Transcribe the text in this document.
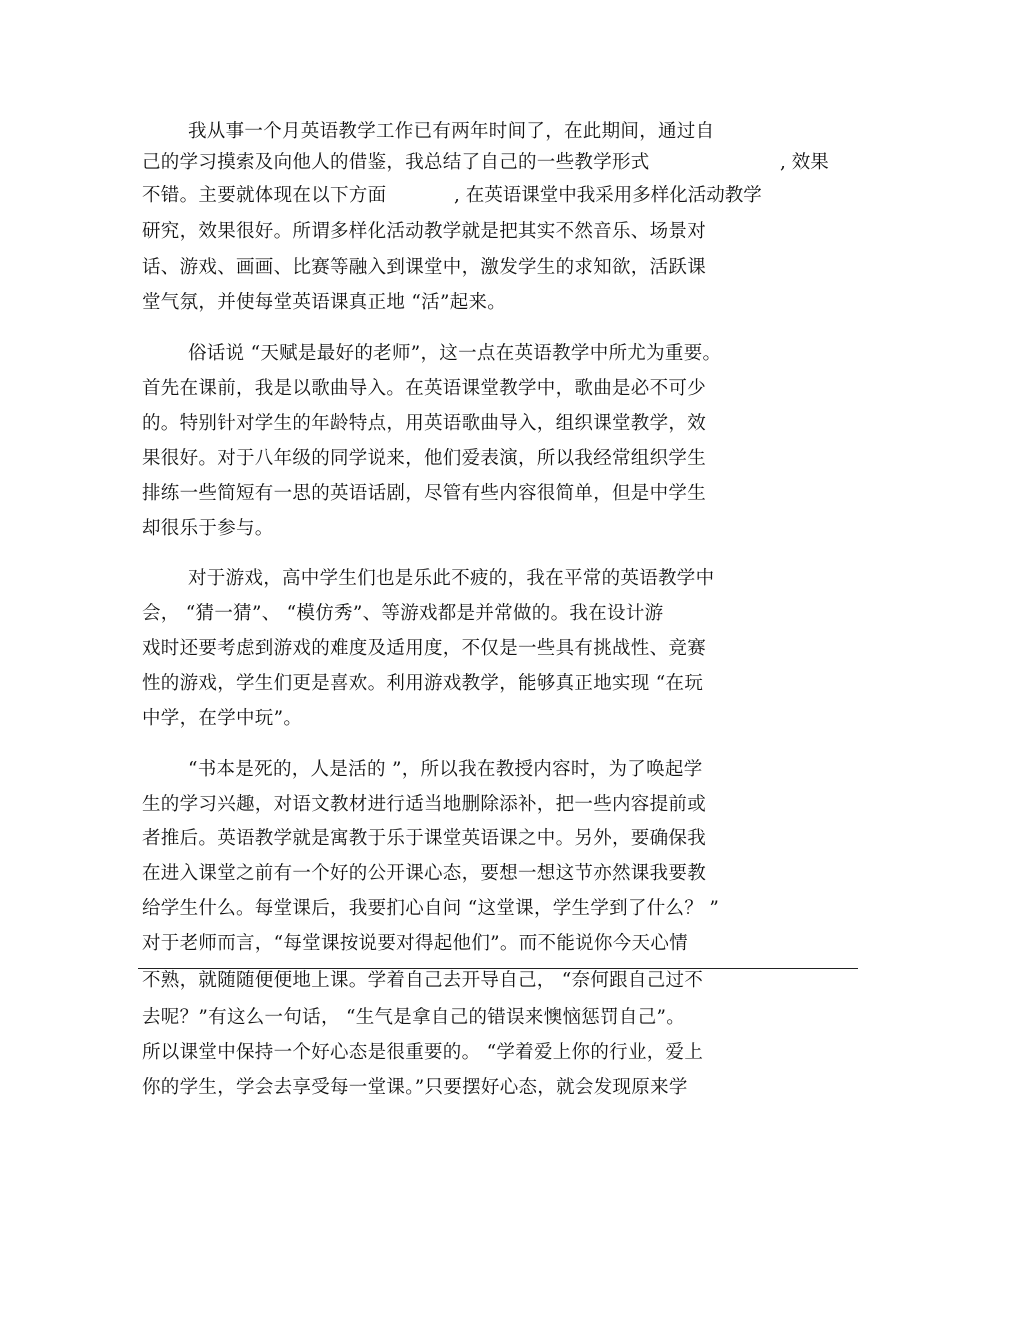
我从事一个月英语教学工作已有两年时间了，在此期间，通过自
己的学习摸索及向他人的借鉴，我总结了自己的一些教学形式	, 效果
不错。主要就体现在以下方面	, 在英语课堂中我采用多样化活动教学
研究，效果很好。所谓多样化活动教学就是把其实不然音乐、场景对
话、游戏、画画、比赛等融入到课堂中，激发学生的求知欲，活跃课
堂气氛，并使每堂英语课真正地 “活”起来。
俗话说 “天赋是最好的老师”，这一点在英语教学中所尤为重要。
首先在课前，我是以歌曲导入。在英语课堂教学中，歌曲是必不可少
的。特别针对学生的年龄特点，用英语歌曲导入，组织课堂教学，效
果很好。对于八年级的同学说来，他们爱表演，所以我经常组织学生
排练一些简短有一思的英语话剧，尽管有些内容很简单，但是中学生
却很乐于参与。
对于游戏，高中学生们也是乐此不疲的，我在平常的英语教学中
会， “猜一猜”、 “模仿秀”、等游戏都是并常做的。我在设计游
戏时还要考虑到游戏的难度及适用度，不仅是一些具有挑战性、竞赛
性的游戏，学生们更是喜欢。利用游戏教学，能够真正地实现 “在玩
中学，在学中玩”。
“书本是死的，人是活的 ”，所以我在教授内容时，为了唤起学
生的学习兴趣，对语文教材进行适当地删除添补，把一些内容提前或
者推后。英语教学就是寓教于乐于课堂英语课之中。另外，要确保我
在进入课堂之前有一个好的公开课心态，要想一想这节亦然课我要教
给学生什么。每堂课后，我要扪心自问 “这堂课，学生学到了什么？ ”
对于老师而言，“每堂课按说要对得起他们”。而不能说你今天心情
不熟，就随随便便地上课。学着自己去开导自己， “奈何跟自己过不
去呢？”有这么一句话， “生气是拿自己的错误来懊恼惩罚自己”。
所以课堂中保持一个好心态是很重要的。 “学着爱上你的行业，爱上
你的学生，学会去享受每一堂课。”只要摆好心态，就会发现原来学
